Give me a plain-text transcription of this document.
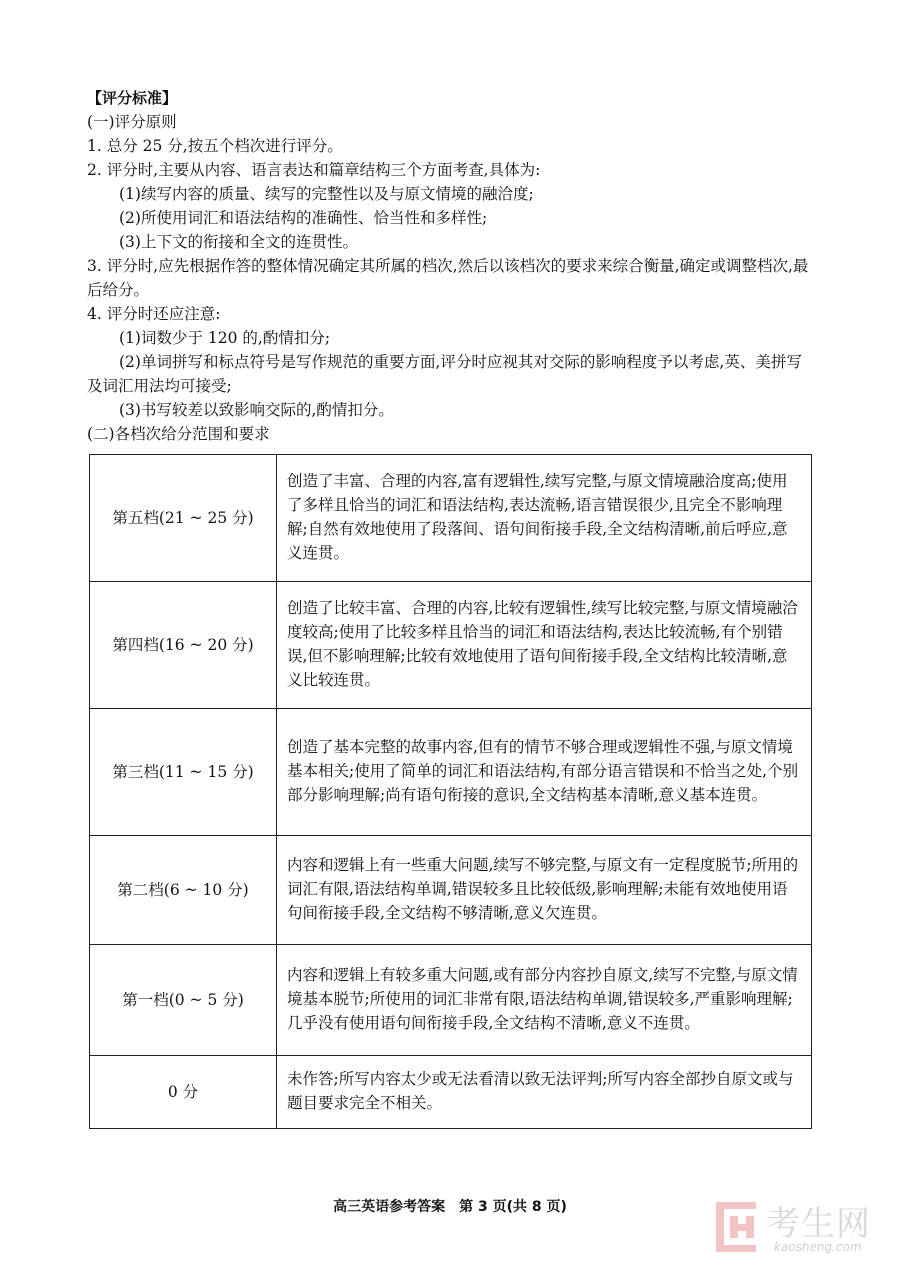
【评分标准】

(一)评分原则

1. 总分 25 分,按五个档次进行评分。

2. 评分时,主要从内容、语言表达和篇章结构三个方面考查,具体为:

(1)续写内容的质量、续写的完整性以及与原文情境的融洽度;

(2)所使用词汇和语法结构的准确性、恰当性和多样性;

(3)上下文的衔接和全文的连贯性。

3. 评分时,应先根据作答的整体情况确定其所属的档次,然后以该档次的要求来综合衡量,确定或调整档次,最后给分。

4. 评分时还应注意:

(1)词数少于 120 的,酌情扣分;

(2)单词拼写和标点符号是写作规范的重要方面,评分时应视其对交际的影响程度予以考虑,英、美拼写及词汇用法均可接受;

(3)书写较差以致影响交际的,酌情扣分。

(二)各档次给分范围和要求

第五档(21 ~ 25 分)	创造了丰富、合理的内容,富有逻辑性,续写完整,与原文情境融洽度高;使用了多样且恰当的词汇和语法结构,表达流畅,语言错误很少,且完全不影响理解;自然有效地使用了段落间、语句间衔接手段,全文结构清晰,前后呼应,意义连贯。
第四档(16 ~ 20 分)	创造了比较丰富、合理的内容,比较有逻辑性,续写比较完整,与原文情境融洽度较高;使用了比较多样且恰当的词汇和语法结构,表达比较流畅,有个别错误,但不影响理解;比较有效地使用了语句间衔接手段,全文结构比较清晰,意义比较连贯。
第三档(11 ~ 15 分)	创造了基本完整的故事内容,但有的情节不够合理或逻辑性不强,与原文情境基本相关;使用了简单的词汇和语法结构,有部分语言错误和不恰当之处,个别部分影响理解;尚有语句衔接的意识,全文结构基本清晰,意义基本连贯。
第二档(6 ~ 10 分)	内容和逻辑上有一些重大问题,续写不够完整,与原文有一定程度脱节;所用的词汇有限,语法结构单调,错误较多且比较低级,影响理解;未能有效地使用语句间衔接手段,全文结构不够清晰,意义欠连贯。
第一档(0 ~ 5 分)	内容和逻辑上有较多重大问题,或有部分内容抄自原文,续写不完整,与原文情境基本脱节;所使用的词汇非常有限,语法结构单调,错误较多,严重影响理解;几乎没有使用语句间衔接手段,全文结构不清晰,意义不连贯。
0 分	未作答;所写内容太少或无法看清以致无法评判;所写内容全部抄自原文或与题目要求完全不相关。
高三英语参考答案　第 3 页(共 8 页)	考生网
kaosheng.com
